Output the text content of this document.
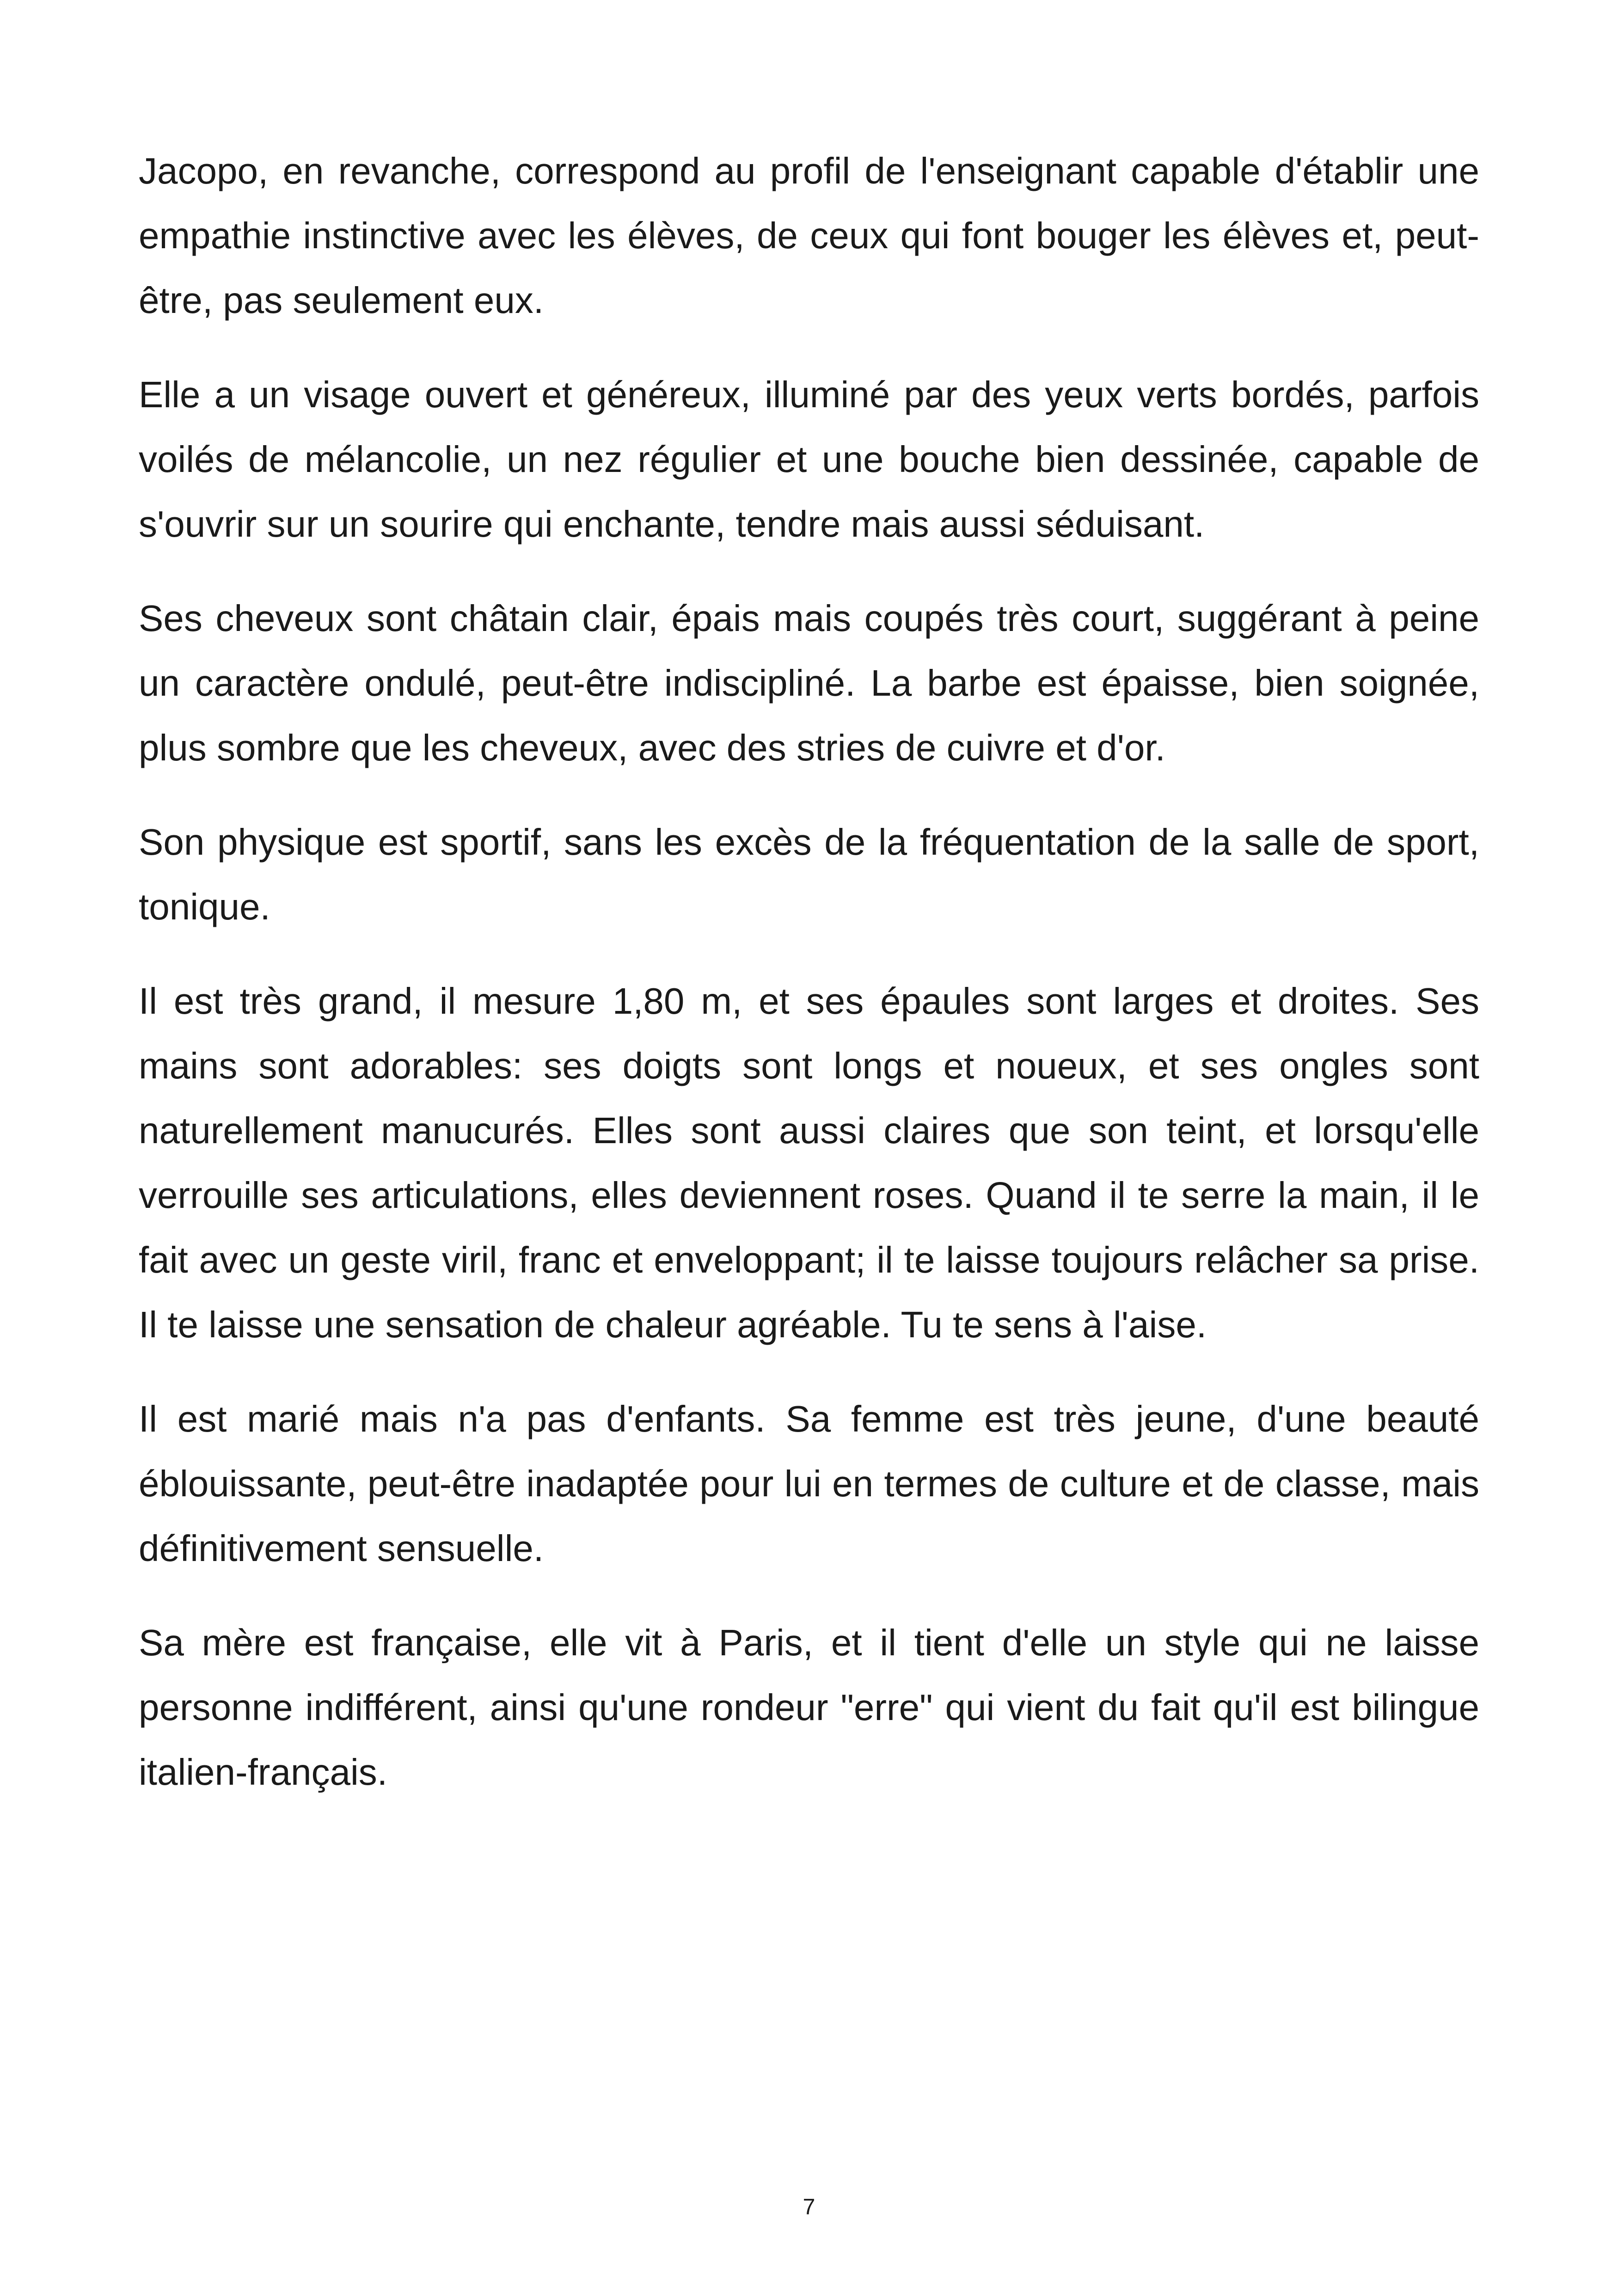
Jacopo, en revanche, correspond au profil de l'enseignant capable d'établir une empathie instinctive avec les élèves, de ceux qui font bouger les élèves et, peut-être, pas seulement eux.

Elle a un visage ouvert et généreux, illuminé par des yeux verts bordés, parfois voilés de mélancolie, un nez régulier et une bouche bien dessinée, capable de s'ouvrir sur un sourire qui enchante, tendre mais aussi séduisant.

Ses cheveux sont châtain clair, épais mais coupés très court, suggérant à peine un caractère ondulé, peut-être indiscipliné. La barbe est épaisse, bien soignée, plus sombre que les cheveux, avec des stries de cuivre et d'or.

Son physique est sportif, sans les excès de la fréquentation de la salle de sport, tonique.

Il est très grand, il mesure 1,80 m, et ses épaules sont larges et droites. Ses mains sont adorables: ses doigts sont longs et noueux, et ses ongles sont naturellement manucurés. Elles sont aussi claires que son teint, et lorsqu'elle verrouille ses articulations, elles deviennent roses. Quand il te serre la main, il le fait avec un geste viril, franc et enveloppant; il te laisse toujours relâcher sa prise. Il te laisse une sensation de chaleur agréable. Tu te sens à l'aise.

Il est marié mais n'a pas d'enfants. Sa femme est très jeune, d'une beauté éblouissante, peut-être inadaptée pour lui en termes de culture et de classe, mais définitivement sensuelle.

Sa mère est française, elle vit à Paris, et il tient d'elle un style qui ne laisse personne indifférent, ainsi qu'une rondeur "erre" qui vient du fait qu'il est bilingue italien-français.

7
